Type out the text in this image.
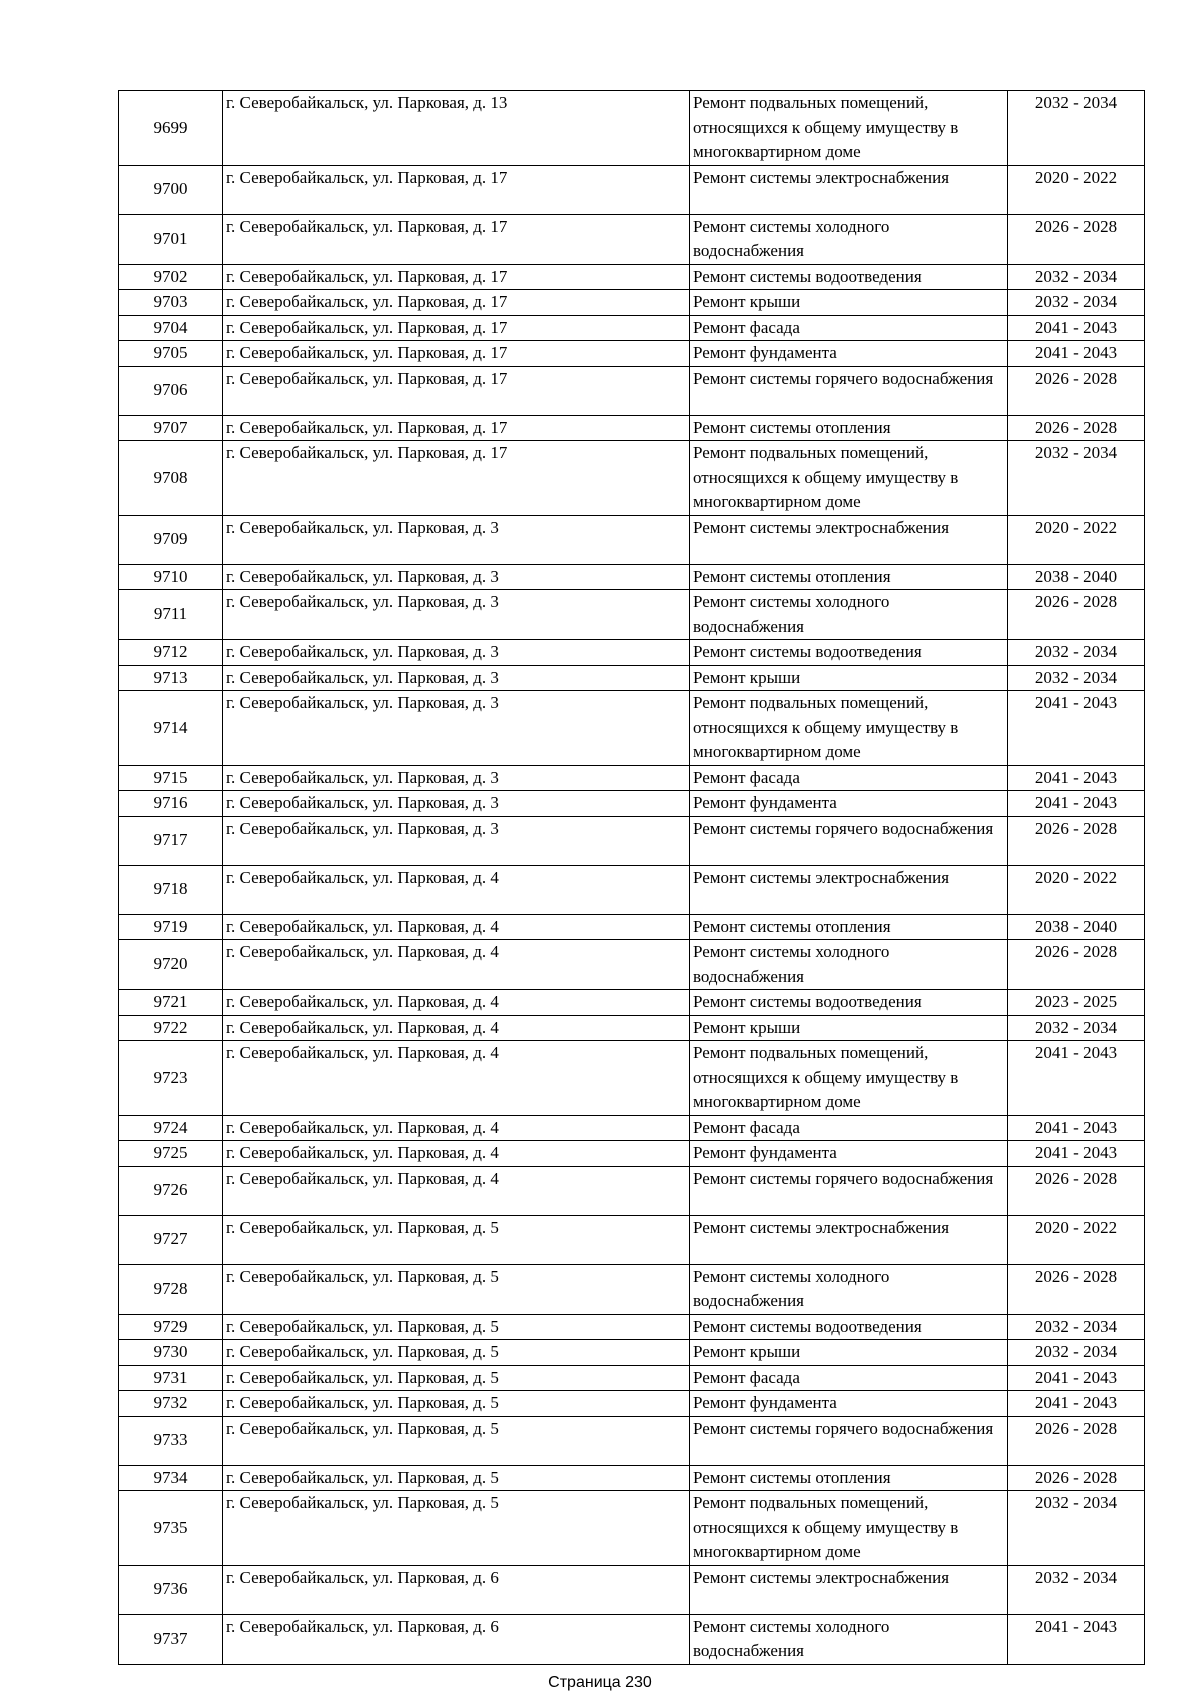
9699	г. Северобайкальск, ул. Парковая, д. 13	Ремонт подвальных помещений, относящихся к общему имуществу в многоквартирном доме	2032 - 2034
9700	г. Северобайкальск, ул. Парковая, д. 17	Ремонт системы электроснабжения	2020 - 2022
9701	г. Северобайкальск, ул. Парковая, д. 17	Ремонт системы холодного водоснабжения	2026 - 2028
9702	г. Северобайкальск, ул. Парковая, д. 17	Ремонт системы водоотведения	2032 - 2034
9703	г. Северобайкальск, ул. Парковая, д. 17	Ремонт крыши	2032 - 2034
9704	г. Северобайкальск, ул. Парковая, д. 17	Ремонт фасада	2041 - 2043
9705	г. Северобайкальск, ул. Парковая, д. 17	Ремонт фундамента	2041 - 2043
9706	г. Северобайкальск, ул. Парковая, д. 17	Ремонт системы горячего водоснабжения	2026 - 2028
9707	г. Северобайкальск, ул. Парковая, д. 17	Ремонт системы отопления	2026 - 2028
9708	г. Северобайкальск, ул. Парковая, д. 17	Ремонт подвальных помещений, относящихся к общему имуществу в многоквартирном доме	2032 - 2034
9709	г. Северобайкальск, ул. Парковая, д. 3	Ремонт системы электроснабжения	2020 - 2022
9710	г. Северобайкальск, ул. Парковая, д. 3	Ремонт системы отопления	2038 - 2040
9711	г. Северобайкальск, ул. Парковая, д. 3	Ремонт системы холодного водоснабжения	2026 - 2028
9712	г. Северобайкальск, ул. Парковая, д. 3	Ремонт системы водоотведения	2032 - 2034
9713	г. Северобайкальск, ул. Парковая, д. 3	Ремонт крыши	2032 - 2034
9714	г. Северобайкальск, ул. Парковая, д. 3	Ремонт подвальных помещений, относящихся к общему имуществу в многоквартирном доме	2041 - 2043
9715	г. Северобайкальск, ул. Парковая, д. 3	Ремонт фасада	2041 - 2043
9716	г. Северобайкальск, ул. Парковая, д. 3	Ремонт фундамента	2041 - 2043
9717	г. Северобайкальск, ул. Парковая, д. 3	Ремонт системы горячего водоснабжения	2026 - 2028
9718	г. Северобайкальск, ул. Парковая, д. 4	Ремонт системы электроснабжения	2020 - 2022
9719	г. Северобайкальск, ул. Парковая, д. 4	Ремонт системы отопления	2038 - 2040
9720	г. Северобайкальск, ул. Парковая, д. 4	Ремонт системы холодного водоснабжения	2026 - 2028
9721	г. Северобайкальск, ул. Парковая, д. 4	Ремонт системы водоотведения	2023 - 2025
9722	г. Северобайкальск, ул. Парковая, д. 4	Ремонт крыши	2032 - 2034
9723	г. Северобайкальск, ул. Парковая, д. 4	Ремонт подвальных помещений, относящихся к общему имуществу в многоквартирном доме	2041 - 2043
9724	г. Северобайкальск, ул. Парковая, д. 4	Ремонт фасада	2041 - 2043
9725	г. Северобайкальск, ул. Парковая, д. 4	Ремонт фундамента	2041 - 2043
9726	г. Северобайкальск, ул. Парковая, д. 4	Ремонт системы горячего водоснабжения	2026 - 2028
9727	г. Северобайкальск, ул. Парковая, д. 5	Ремонт системы электроснабжения	2020 - 2022
9728	г. Северобайкальск, ул. Парковая, д. 5	Ремонт системы холодного водоснабжения	2026 - 2028
9729	г. Северобайкальск, ул. Парковая, д. 5	Ремонт системы водоотведения	2032 - 2034
9730	г. Северобайкальск, ул. Парковая, д. 5	Ремонт крыши	2032 - 2034
9731	г. Северобайкальск, ул. Парковая, д. 5	Ремонт фасада	2041 - 2043
9732	г. Северобайкальск, ул. Парковая, д. 5	Ремонт фундамента	2041 - 2043
9733	г. Северобайкальск, ул. Парковая, д. 5	Ремонт системы горячего водоснабжения	2026 - 2028
9734	г. Северобайкальск, ул. Парковая, д. 5	Ремонт системы отопления	2026 - 2028
9735	г. Северобайкальск, ул. Парковая, д. 5	Ремонт подвальных помещений, относящихся к общему имуществу в многоквартирном доме	2032 - 2034
9736	г. Северобайкальск, ул. Парковая, д. 6	Ремонт системы электроснабжения	2032 - 2034
9737	г. Северобайкальск, ул. Парковая, д. 6	Ремонт системы холодного водоснабжения	2041 - 2043
Страница 230
